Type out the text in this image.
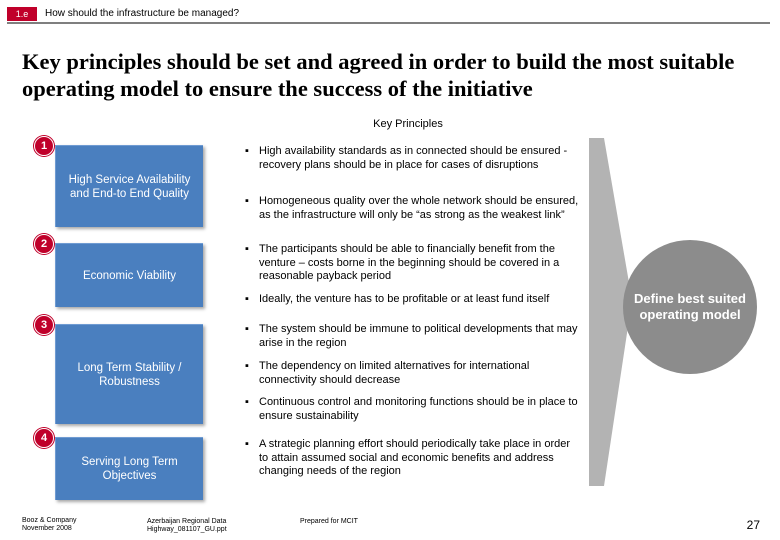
1.e	How should the infrastructure be managed?
Key principles should be set and agreed in order to build the most suitable operating model to ensure the success of the initiative
Key Principles
1
High Service Availability and End-to End Quality
2
Economic Viability
3
Long Term Stability / Robustness
4
Serving Long Term Objectives
▪ High availability standards as in connected should be ensured - recovery plans should be in place for cases of disruptions
▪ Homogeneous quality over the whole network should be ensured, as the infrastructure will only be “as strong as the weakest link”
▪ The participants should be able to financially benefit from the venture – costs borne in the beginning should be covered in a reasonable payback period
▪ Ideally, the venture has to be profitable or at least fund itself
▪ The system should be immune to political developments that may arise in the region
▪ The dependency on limited alternatives for international connectivity should decrease
▪ Continuous control and monitoring functions should be in place to ensure sustainability
▪ A strategic planning effort should periodically take place in order to attain assumed social and economic benefits and address changing needs of the region
Define best suited operating model
Booz & Company
November 2008
Azerbaijan Regional Data
Highway_081107_GU.ppt
Prepared for MCIT	27
